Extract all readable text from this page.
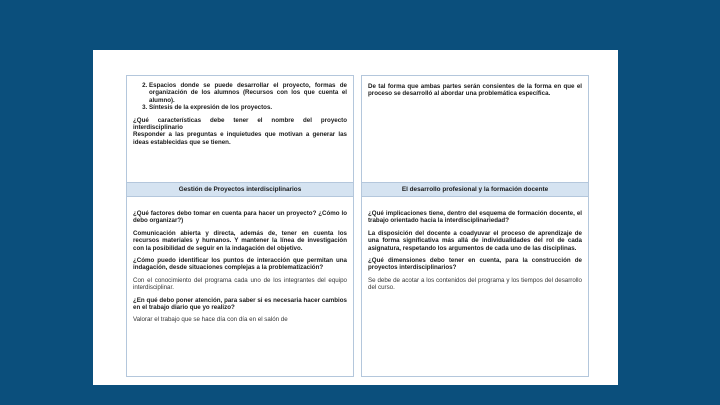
2. Espacios donde se puede desarrollar el proyecto, formas de organización de los alumnos (Recursos con los que cuenta el alumno).
3. Síntesis de la expresión de los proyectos.

¿Qué características debe tener el nombre del proyecto interdisciplinario

Responder a las preguntas e inquietudes que motivan a generar las ideas establecidas que se tienen.

De tal forma que ambas partes serán consientes de la forma en que el proceso se desarrolló al abordar una problemática específica.

Gestión de Proyectos interdisciplinarios

¿Qué factores debo tomar en cuenta para hacer un proyecto? ¿Cómo lo debo organizar?)

Comunicación abierta y directa, además de, tener en cuenta los recursos materiales y humanos. Y mantener la línea de investigación con la posibilidad de seguir en la indagación del objetivo.

¿Cómo puedo identificar los puntos de interacción que permitan una indagación, desde situaciones complejas a la problematización?

Con el conocimiento del programa cada uno de los integrantes del equipo interdisciplinar.

¿En qué debo poner atención, para saber si es necesaria hacer cambios en el trabajo diario que yo realizo?

Valorar el trabajo que se hace día con día en el salón de

El desarrollo profesional y la formación docente

¿Qué implicaciones tiene, dentro del esquema de formación docente, el trabajo orientado hacia la interdisciplinariedad?

La disposición del docente a coadyuvar el proceso de aprendizaje de una forma significativa más allá de individualidades del rol de cada asignatura, respetando los argumentos de cada uno de las disciplinas.

¿Qué dimensiones debo tener en cuenta, para la construcción de proyectos interdisciplinarios?

Se debe de acotar a los contenidos del programa y los tiempos del desarrollo del curso.
